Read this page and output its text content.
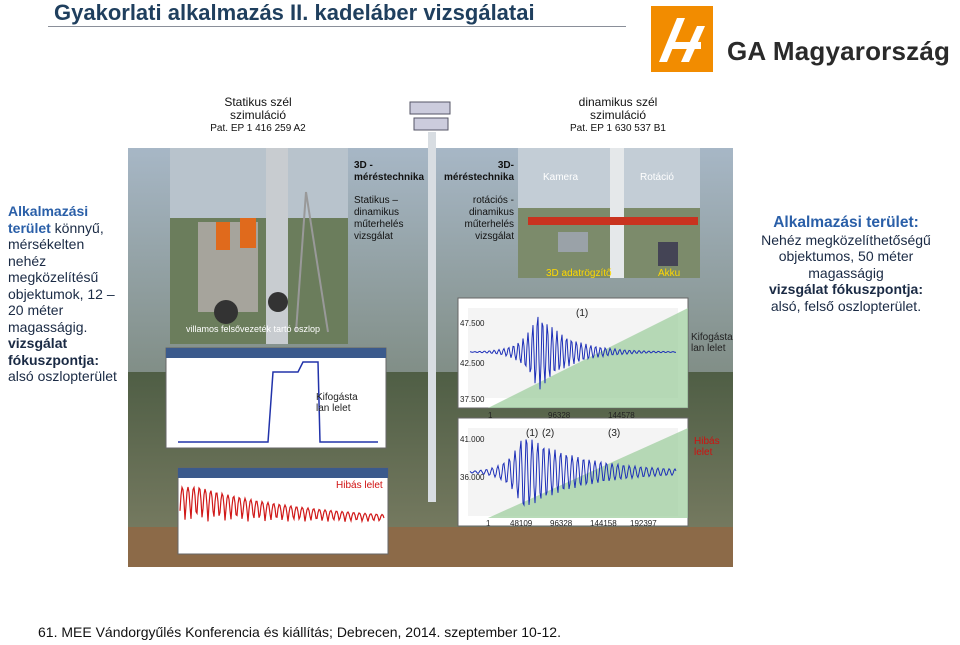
Gyakorlati alkalmazás II. kadeláber vizsgálatai
GA Magyarország
Statikus szél
szimuláció
Pat. EP 1 416 259 A2
dinamikus szél
szimuláció
Pat. EP 1 630 537 B1
3D - méréstechnika
Statikus – dinamikus műterhelés vizsgálat
3D- méréstechnika
rotációs - dinamikus műterhelés vizsgálat
Kamera	Rotáció
3D adatrögzítő	Akku
villamos felsővezeték tartó oszlop
(1)
(1) (2)	(3)
Kifogásta lan lelet
Kifogásta lan lelet
Hibás lelet
Hibás lelet
47.500
42.500
37.500
1	96328	144578
41.000
36.000
1 48109 96328 144158 192397
Alkalmazási terület könnyű, mérsékelten nehéz megközelítésű objektumok, 12 – 20 méter magasságig. vizsgálat fókuszpontja: alsó oszlopterület
Alkalmazási terület:
Nehéz megközelíthetőségű objektumos, 50 méter magasságig
vizsgálat fókuszpontja:
alsó, felső oszlopterület.
61. MEE Vándorgyűlés Konferencia és kiállítás; Debrecen, 2014. szeptember 10-12.
